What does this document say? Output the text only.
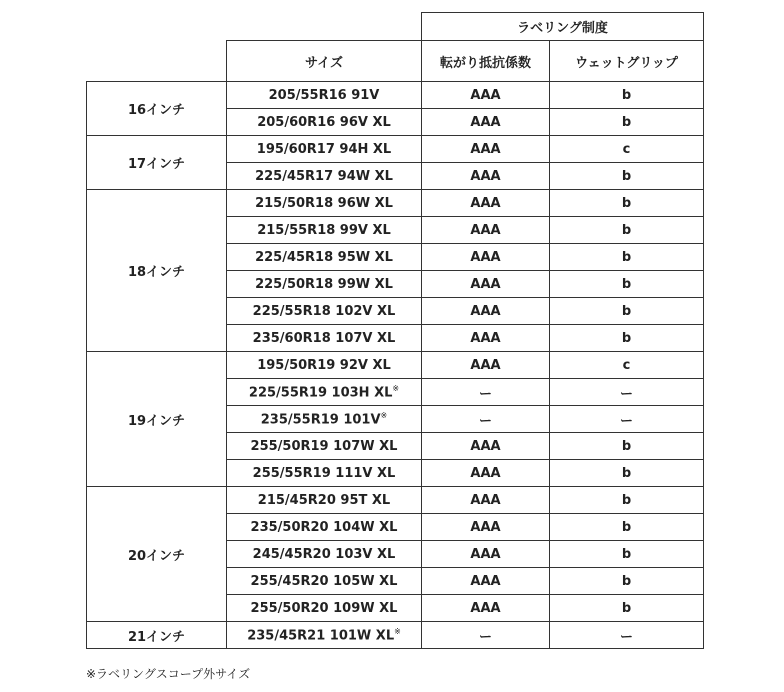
		ラベリング制度	
	サイズ	転がり抵抗係数	ウェットグリップ
16インチ	205/55R16 91V	AAA	b
	205/60R16 96V XL	AAA	b
17インチ	195/60R17 94H XL	AAA	c
	225/45R17 94W XL	AAA	b
18インチ	215/50R18 96W XL	AAA	b
	215/55R18 99V XL	AAA	b
	225/45R18 95W XL	AAA	b
	225/50R18 99W XL	AAA	b
	225/55R18 102V XL	AAA	b
	235/60R18 107V XL	AAA	b
19インチ	195/50R19 92V XL	AAA	c
	225/55R19 103H XL※	ー	ー
	235/55R19 101V※	ー	ー
	255/50R19 107W XL	AAA	b
	255/55R19 111V XL	AAA	b
20インチ	215/45R20 95T XL	AAA	b
	235/50R20 104W XL	AAA	b
	245/45R20 103V XL	AAA	b
	255/45R20 105W XL	AAA	b
	255/50R20 109W XL	AAA	b
21インチ	235/45R21 101W XL※	ー	ー
※ラベリングスコープ外サイズ
